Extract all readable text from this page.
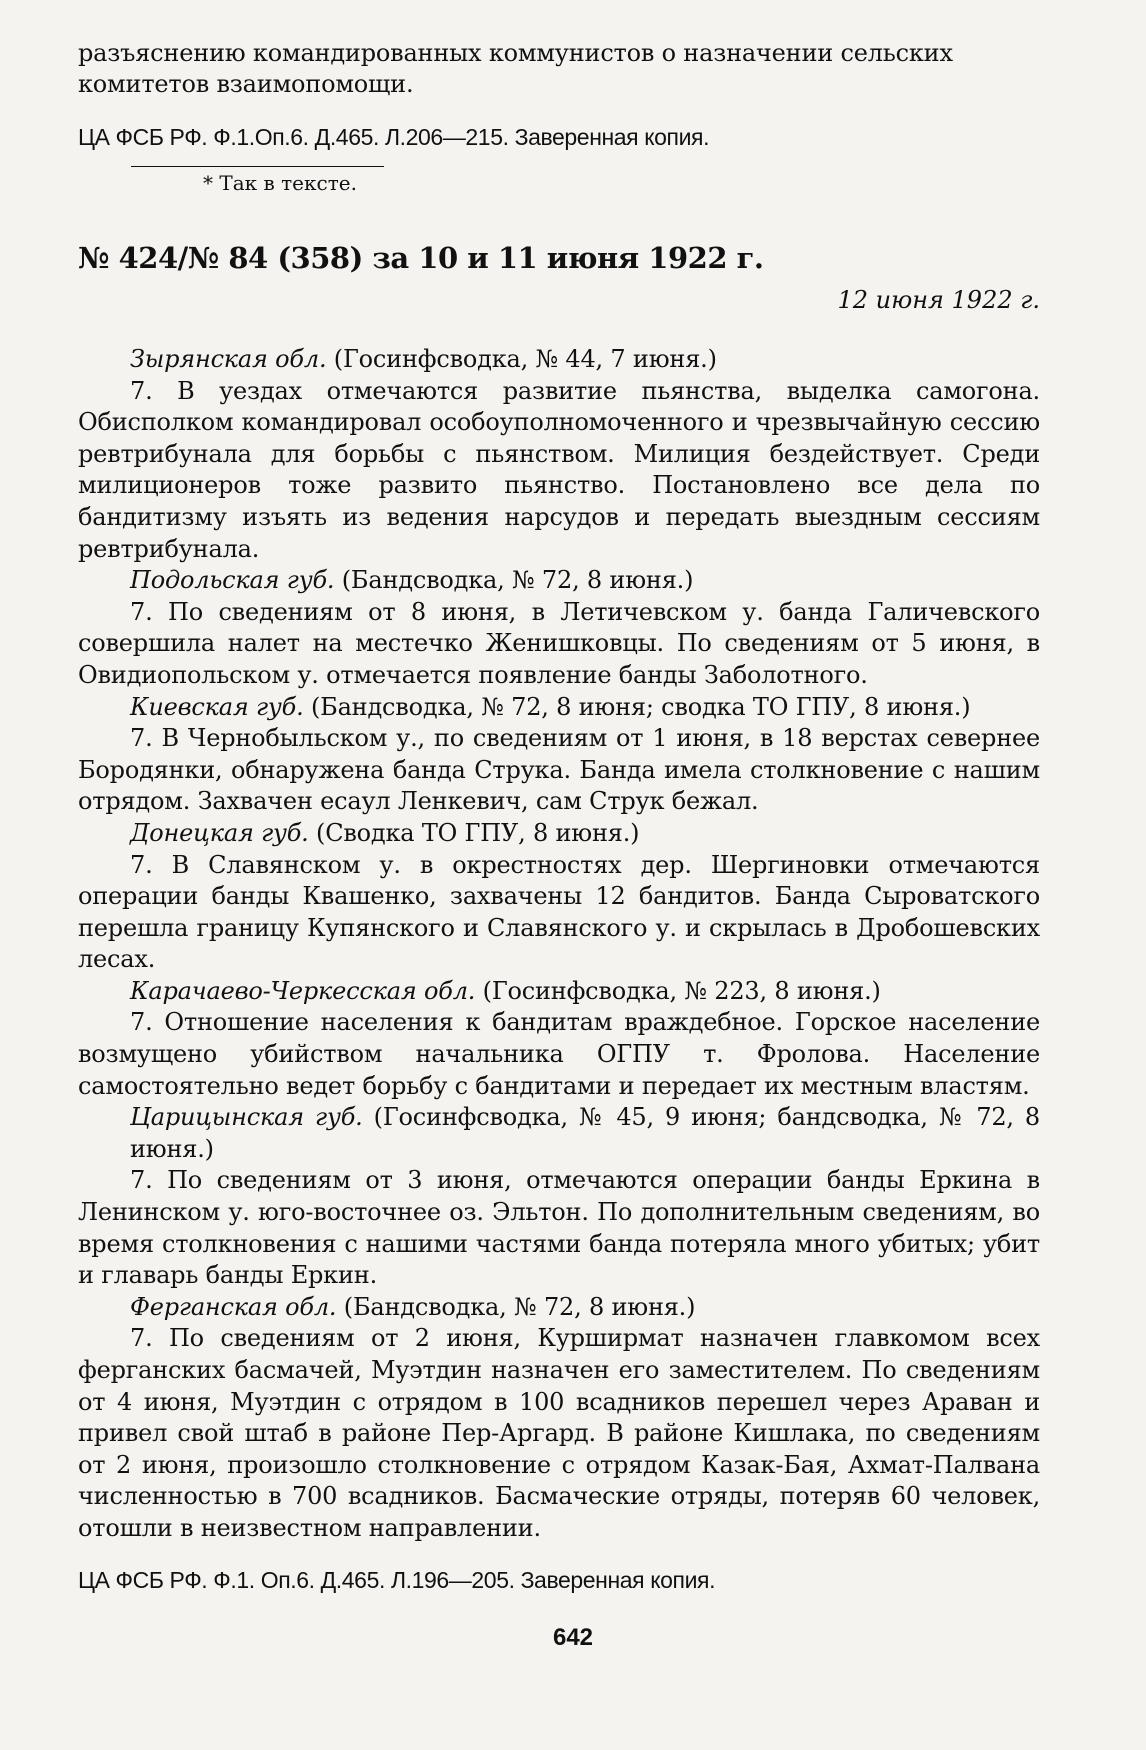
разъяснению командированных коммунистов о назначении сельских
комитетов взаимопомощи.
ЦА ФСБ РФ. Ф.1.Оп.6. Д.465. Л.206—215. Заверенная копия.
* Так в тексте.
№ 424/№ 84 (358) за 10 и 11 июня 1922 г.
12 июня 1922 г.
Зырянская обл. (Госинфсводка, № 44, 7 июня.)
7. В уездах отмечаются развитие пьянства, выделка самогона. Обисполком командировал особоуполномоченного и чрезвычайную сессию ревтрибунала для борьбы с пьянством. Милиция бездействует. Среди милиционеров тоже развито пьянство. Постановлено все дела по бандитизму изъять из ведения нарсудов и передать выездным сессиям ревтрибунала.
Подольская губ. (Бандсводка, № 72, 8 июня.)
7. По сведениям от 8 июня, в Летичевском у. банда Галичевского совершила налет на местечко Женишковцы. По сведениям от 5 июня, в Овидиопольском у. отмечается появление банды Заболотного.
Киевская губ. (Бандсводка, № 72, 8 июня; сводка ТО ГПУ, 8 июня.)
7. В Чернобыльском у., по сведениям от 1 июня, в 18 верстах севернее Бородянки, обнаружена банда Струка. Банда имела столкновение с нашим отрядом. Захвачен есаул Ленкевич, сам Струк бежал.
Донецкая губ. (Сводка ТО ГПУ, 8 июня.)
7. В Славянском у. в окрестностях дер. Шергиновки отмечаются операции банды Квашенко, захвачены 12 бандитов. Банда Сыроватского перешла границу Купянского и Славянского у. и скрылась в Дробошевских лесах.
Карачаево-Черкесская обл. (Госинфсводка, № 223, 8 июня.)
7. Отношение населения к бандитам враждебное. Горское население возмущено убийством начальника ОГПУ т. Фролова. Население самостоятельно ведет борьбу с бандитами и передает их местным властям.
Царицынская губ. (Госинфсводка, № 45, 9 июня; бандсводка, № 72, 8 июня.)
7. По сведениям от 3 июня, отмечаются операции банды Еркина в Ленинском у. юго-восточнее оз. Эльтон. По дополнительным сведениям, во время столкновения с нашими частями банда потеряла много убитых; убит и главарь банды Еркин.
Ферганская обл. (Бандсводка, № 72, 8 июня.)
7. По сведениям от 2 июня, Курширмат назначен главкомом всех ферганских басмачей, Муэтдин назначен его заместителем. По сведениям от 4 июня, Муэтдин с отрядом в 100 всадников перешел через Араван и привел свой штаб в районе Пер-Аргард. В районе Кишлака, по сведениям от 2 июня, произошло столкновение с отрядом Казак-Бая, Ахмат-Палвана численностью в 700 всадников. Басмаческие отряды, потеряв 60 человек, отошли в неизвестном направлении.
ЦА ФСБ РФ. Ф.1. Оп.6. Д.465. Л.196—205. Заверенная копия.
642
